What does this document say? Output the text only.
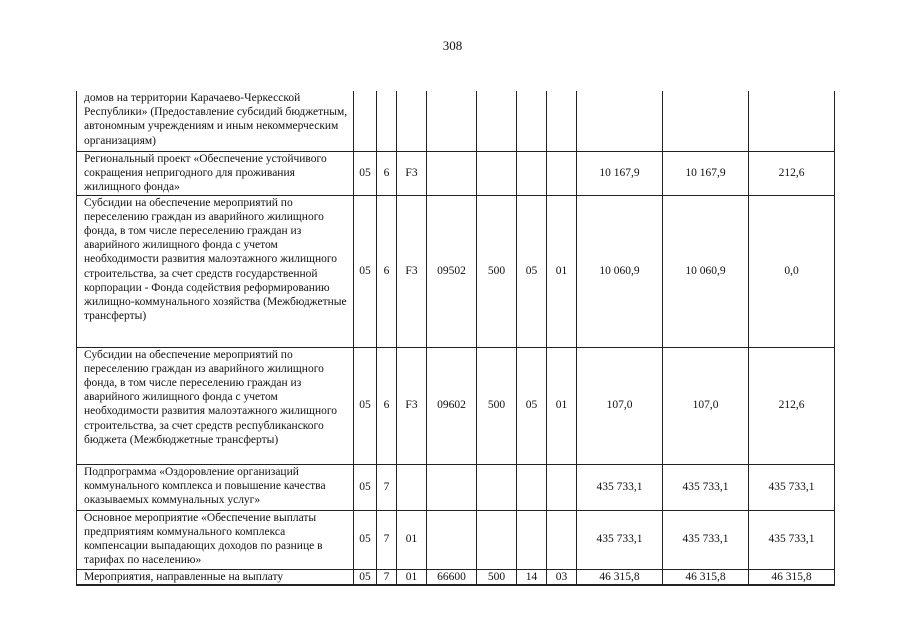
308
домов на территории Карачаево-Черкесской Республики» (Предоставление субсидий бюджетным, автономным учреждениям и иным некоммерческим организациям)										
Региональный проект «Обеспечение устойчивого сокращения непригодного для проживания жилищного фонда»	05	6	F3					10 167,9	10 167,9	212,6
Субсидии на обеспечение мероприятий по переселению граждан из аварийного жилищного фонда, в том числе переселению граждан из аварийного жилищного фонда с учетом необходимости развития малоэтажного жилищного строительства, за счет средств государственной корпорации - Фонда содействия реформированию жилищно-коммунального хозяйства (Межбюджетные трансферты)	05	6	F3	09502	500	05	01	10 060,9	10 060,9	0,0
Субсидии на обеспечение мероприятий по переселению граждан из аварийного жилищного фонда, в том числе переселению граждан из аварийного жилищного фонда с учетом необходимости развития малоэтажного жилищного строительства, за счет средств республиканского бюджета (Межбюджетные трансферты)	05	6	F3	09602	500	05	01	107,0	107,0	212,6
Подпрограмма «Оздоровление организаций коммунального комплекса и повышение качества оказываемых коммунальных услуг»	05	7						435 733,1	435 733,1	435 733,1
Основное мероприятие «Обеспечение выплаты предприятиям коммунального комплекса компенсации выпадающих доходов по разнице в тарифах по населению»	05	7	01					435 733,1	435 733,1	435 733,1
Мероприятия, направленные на выплату	05	7	01	66600	500	14	03	46 315,8	46 315,8	46 315,8
